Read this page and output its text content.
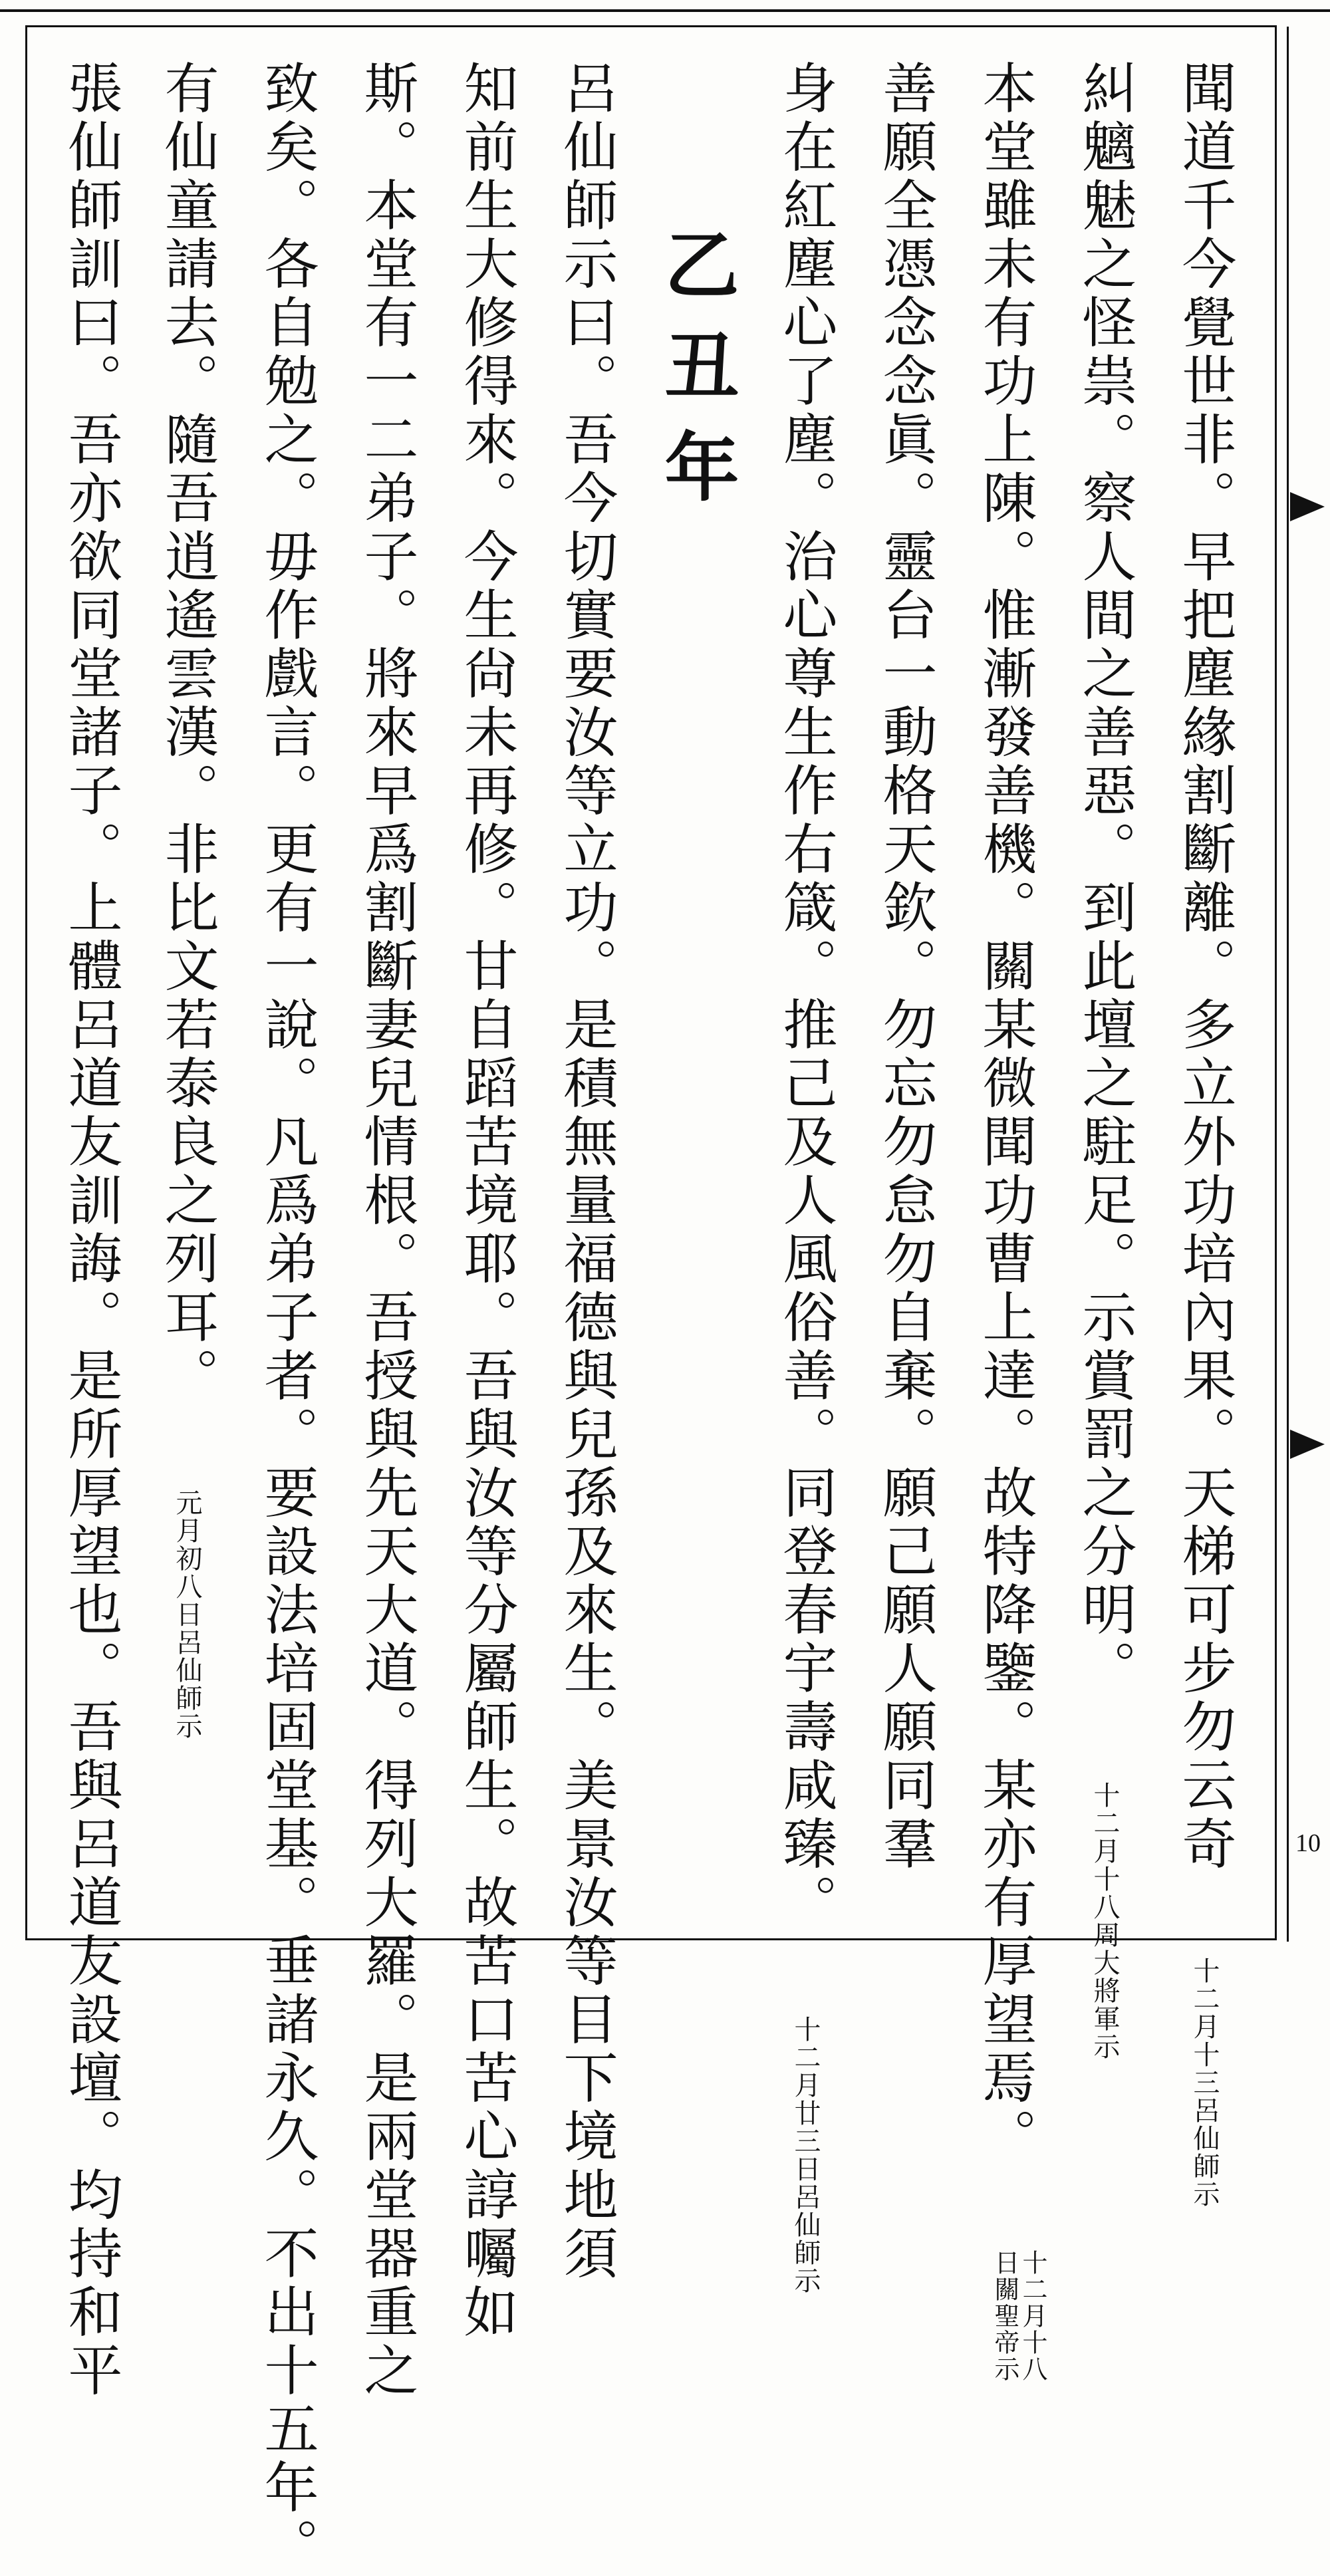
10
聞道千今覺世非。早把塵緣割斷離。多立外功培內果。天梯可步勿云奇 十二月十三呂仙師示
糾魑魅之怪祟。察人間之善惡。到此壇之駐足。示賞罰之分明。 十二月十八周大將軍示
本堂雖未有功上陳。惟漸發善機。關某微聞功曹上達。故特降鑒。某亦有厚望焉。 十二月十八
日關聖帝示
善願全憑念念眞。靈台一動格天欽。勿忘勿怠勿自棄。願己願人願同羣
身在紅塵心了塵。治心尊生作右箴。推己及人風俗善。同登春宇壽咸臻。 十二月廿三日呂仙師示
乙丑年
呂仙師示曰。吾今切實要汝等立功。是積無量福德與兒孫及來生。美景汝等目下境地須
知前生大修得來。今生尙未再修。甘自蹈苦境耶。吾與汝等分屬師生。故苦口苦心諄囑如
斯。本堂有一二弟子。將來早爲割斷妻兒情根。吾授與先天大道。得列大羅。是兩堂器重之
致矣。各自勉之。毋作戲言。更有一說。凡爲弟子者。要設法培固堂基。垂諸永久。不出十五年。
有仙童請去。隨吾逍遙雲漢。非比文若泰良之列耳。 元月初八日呂仙師示
張仙師訓曰。吾亦欲同堂諸子。上體呂道友訓誨。是所厚望也。吾與呂道友設壇。均持和平
